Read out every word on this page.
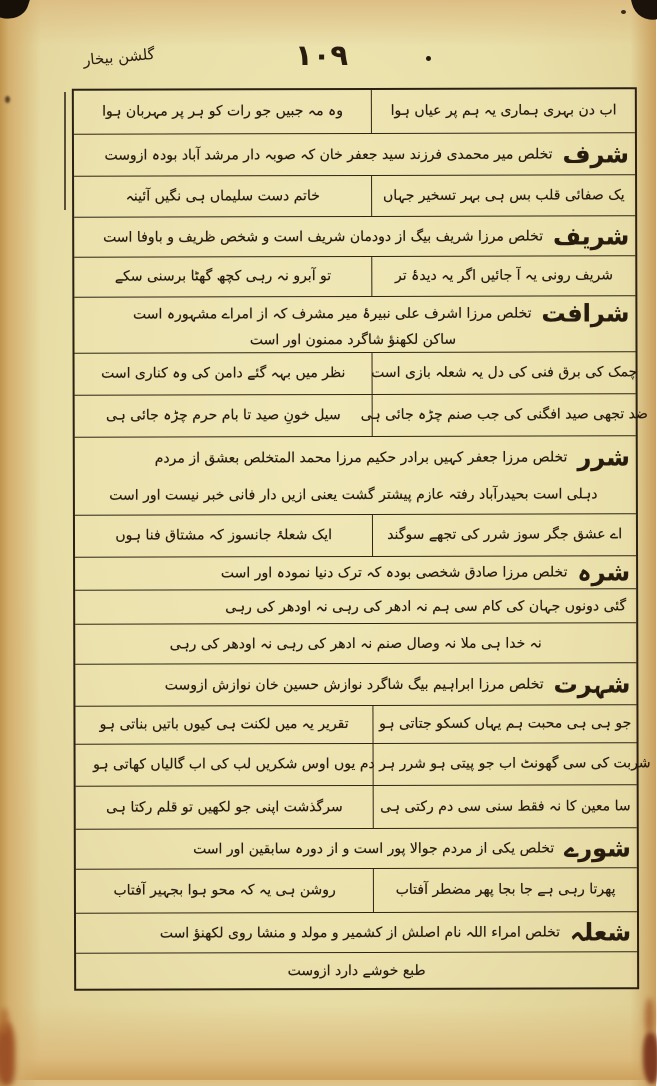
گلشن بیخار	۱۰۹
اب دن بہری ہماری یہ ہم پر عیاں ہوا
وہ مہ جبیں جو رات کو ہر پر مہربان ہوا
شرف
تخلص میر محمدی فرزند سید جعفر خان کہ صوبہ دار مرشد آباد بودہ ازوست
یک صفائی قلب بس ہی بہر تسخیر جہاں
خاتم دست سلیماں ہی نگیں آئینہ
شریف
تخلص مرزا شریف بیگ از دودمان شریف است و شخص ظریف و باوفا است
شریف رونی یہ آ جائیں اگر یہ دیدۂ تر
تو آبرو نہ رہی کچھ گھٹا برسنی سکے
شرافت
تخلص مرزا اشرف علی نبیرۂ میر مشرف کہ از امراے مشہورہ است
ساکن لکھنؤ شاگرد ممنون اور است
چمک کی برق فنی کی دل یہ شعلہ بازی است
نظر میں بہہ گئے دامن کی وہ کناری است
ضد تجھی صید افگنی کی جب صنم چڑہ جائی ہی
سیل خونِ صید تا بام حرم چڑہ جائی ہی
شرر
تخلص مرزا جعفر کہیں برادر حکیم مرزا محمد المتخلص بعشق از مردم
دہلی است بحیدرآباد رفتہ عازم پیشتر گشت یعنی ازیں دار فانی خبر نیست اور است
اے عشق جگر سوز شرر کی تجھے سوگند
ایک شعلۂ جانسوز کہ مشتاق فنا ہوں
شرہ
تخلص مرزا صادق شخصی بودہ کہ ترک دنیا نمودہ اور است
گئی دونوں جہان کی کام سی ہم نہ ادھر کی رہی نہ اودھر کی رہی
نہ خدا ہی ملا نہ وصال صنم نہ ادھر کی رہی نہ اودھر کی رہی
شہرت
تخلص مرزا ابراہیم بیگ شاگرد نوازش حسین خان نوازش ازوست
جو ہی ہی محبت ہم یہاں کسکو جتاتی ہو
تقریر یہ میں لکنت ہی کیوں باتیں بناتی ہو
شربت کی سی گھونٹ اب جو پیتی ہو شرر ہر دم
یوں اوس شکریں لب کی اب گالیاں کھاتی ہو
سا معین کا نہ فقط سنی سی دم رکتی ہی
سرگذشت اپنی جو لکھیں تو قلم رکتا ہی
شورے
تخلص یکی از مردم جوالا پور است و از دورہ سابقین اور است
پھرتا رہی ہے جا بجا پھر مضطر آفتاب
روشن ہی یہ کہ محو ہوا بجہیر آفتاب
شعلہ
تخلص امراء اللہ نام اصلش از کشمیر و مولد و منشا روی لکھنؤ است
طبع خوشے دارد ازوست
